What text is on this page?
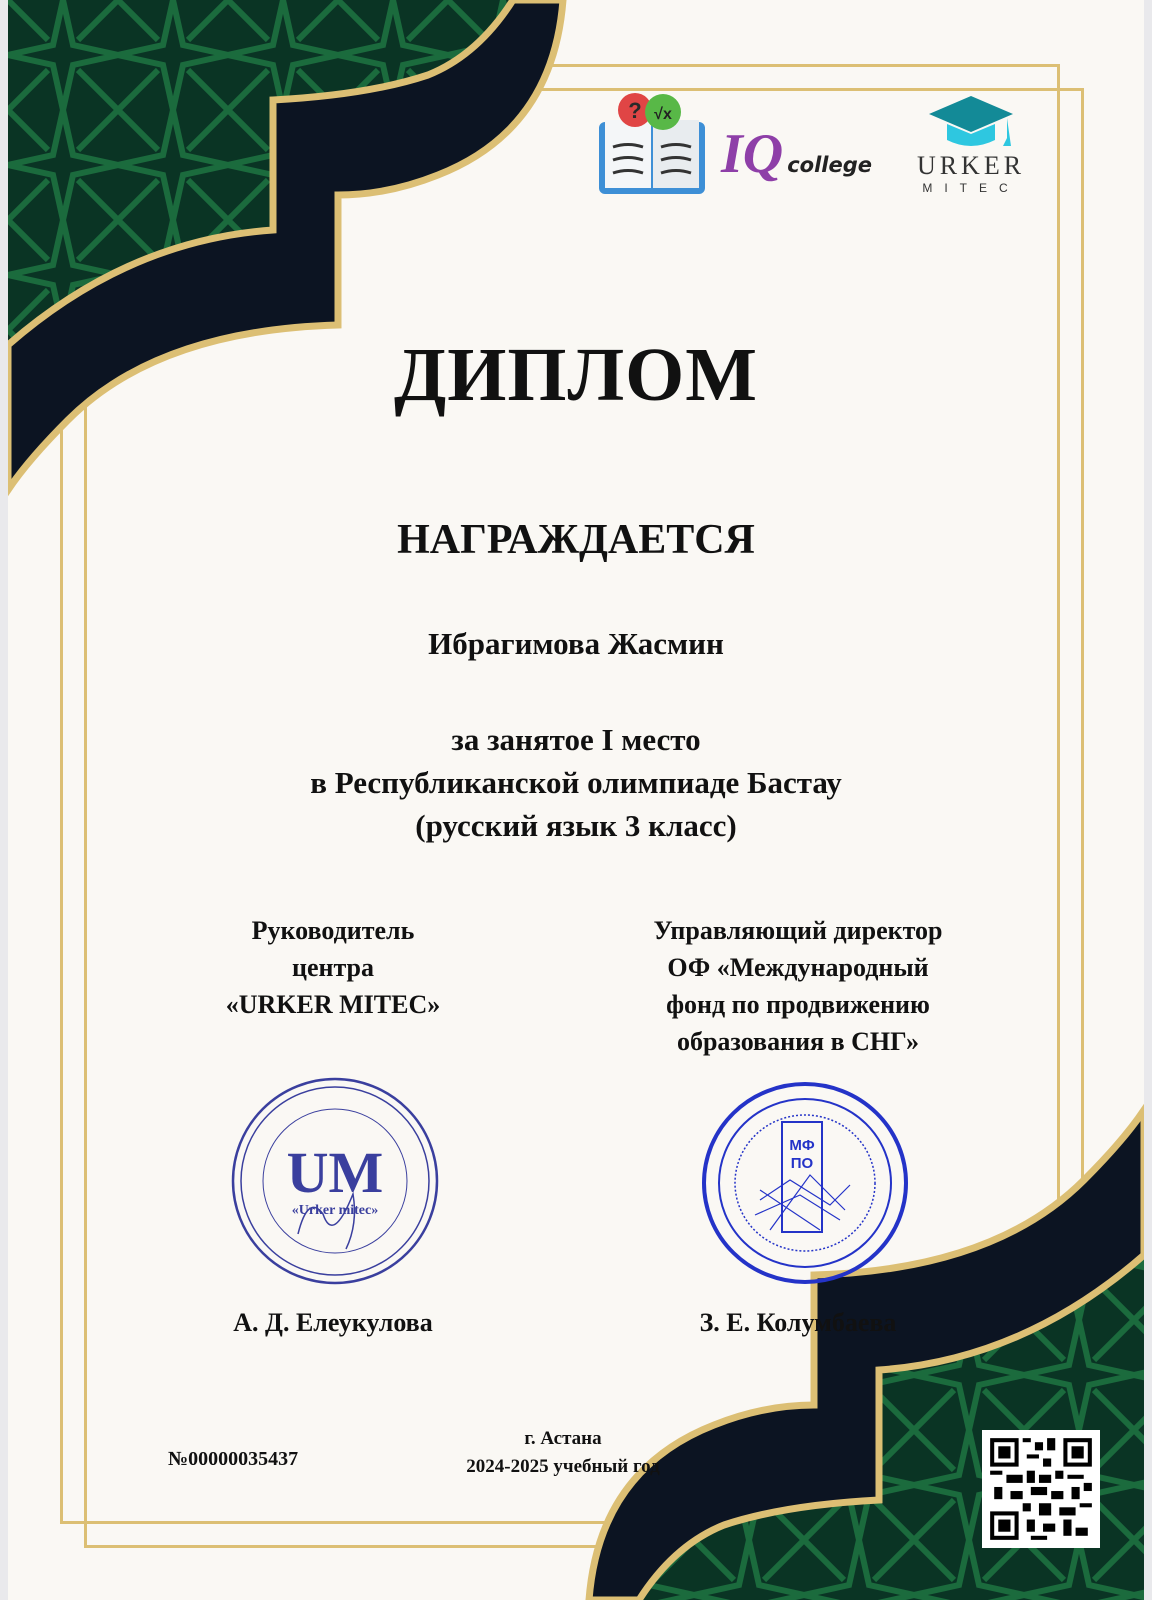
? √x
IQ college URKER
MITEC
ДИПЛОМ
НАГРАЖДАЕТСЯ
Ибрагимова Жасмин
за занятое I место
в Республиканской олимпиаде Бастау
(русский язык 3 класс)
Руководитель
центра
«URKER MITEC»
UM
«Urker mitec»
А. Д. Елеукулова
Управляющий директор
ОФ «Международный
фонд по продвижению
образования в СНГ»
МФ
ПО
З. Е. Колумбаева
№00000035437
г. Астана
2024-2025 учебный год
